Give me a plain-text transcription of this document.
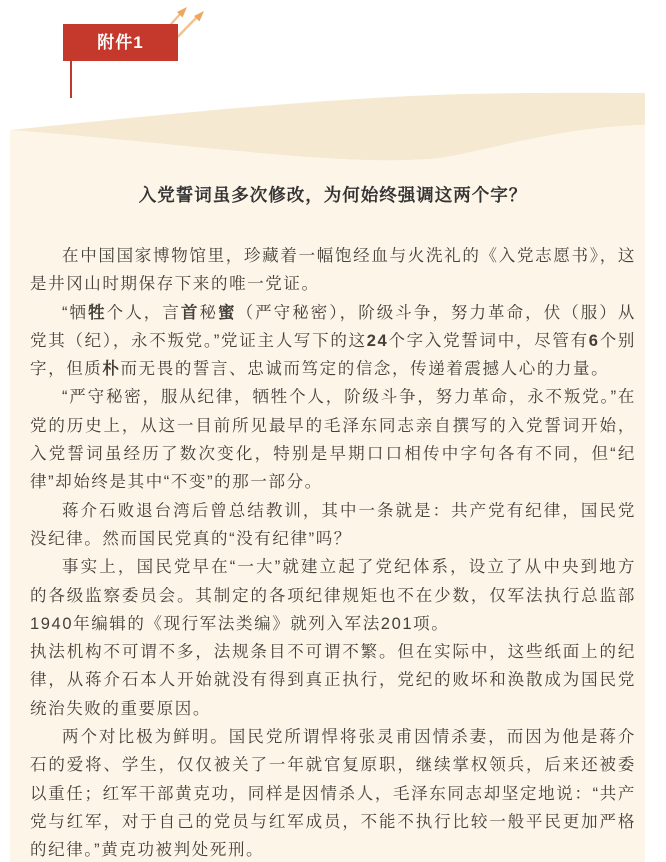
附件1
入党誓词虽多次修改，为何始终强调这两个字？

在中国国家博物馆里，珍藏着一幅饱经血与火洗礼的《入党志愿书》，这是井冈山时期保存下来的唯一党证。

“牺牲个人，言首秘蜜（严守秘密），阶级斗争，努力革命，伏（服）从党其（纪），永不叛党。”党证主人写下的这24个字入党誓词中，尽管有6个别字，但质朴而无畏的誓言、忠诚而笃定的信念，传递着震撼人心的力量。

“严守秘密，服从纪律，牺牲个人，阶级斗争，努力革命，永不叛党。”在党的历史上，从这一目前所见最早的毛泽东同志亲自撰写的入党誓词开始，入党誓词虽经历了数次变化，特别是早期口口相传中字句各有不同，但“纪律”却始终是其中“不变”的那一部分。

蒋介石败退台湾后曾总结教训，其中一条就是：共产党有纪律，国民党没纪律。然而国民党真的“没有纪律”吗？

事实上，国民党早在“一大”就建立起了党纪体系，设立了从中央到地方的各级监察委员会。其制定的各项纪律规矩也不在少数，仅军法执行总监部1940年编辑的《现行军法类编》就列入军法201项。

执法机构不可谓不多，法规条目不可谓不繁。但在实际中，这些纸面上的纪律，从蒋介石本人开始就没有得到真正执行，党纪的败坏和涣散成为国民党统治失败的重要原因。

两个对比极为鲜明。国民党所谓悍将张灵甫因情杀妻，而因为他是蒋介石的爱将、学生，仅仅被关了一年就官复原职，继续掌权领兵，后来还被委以重任；红军干部黄克功，同样是因情杀人，毛泽东同志却坚定地说：“共产党与红军，对于自己的党员与红军成员，不能不执行比较一般平民更加严格的纪律。”黄克功被判处死刑。
